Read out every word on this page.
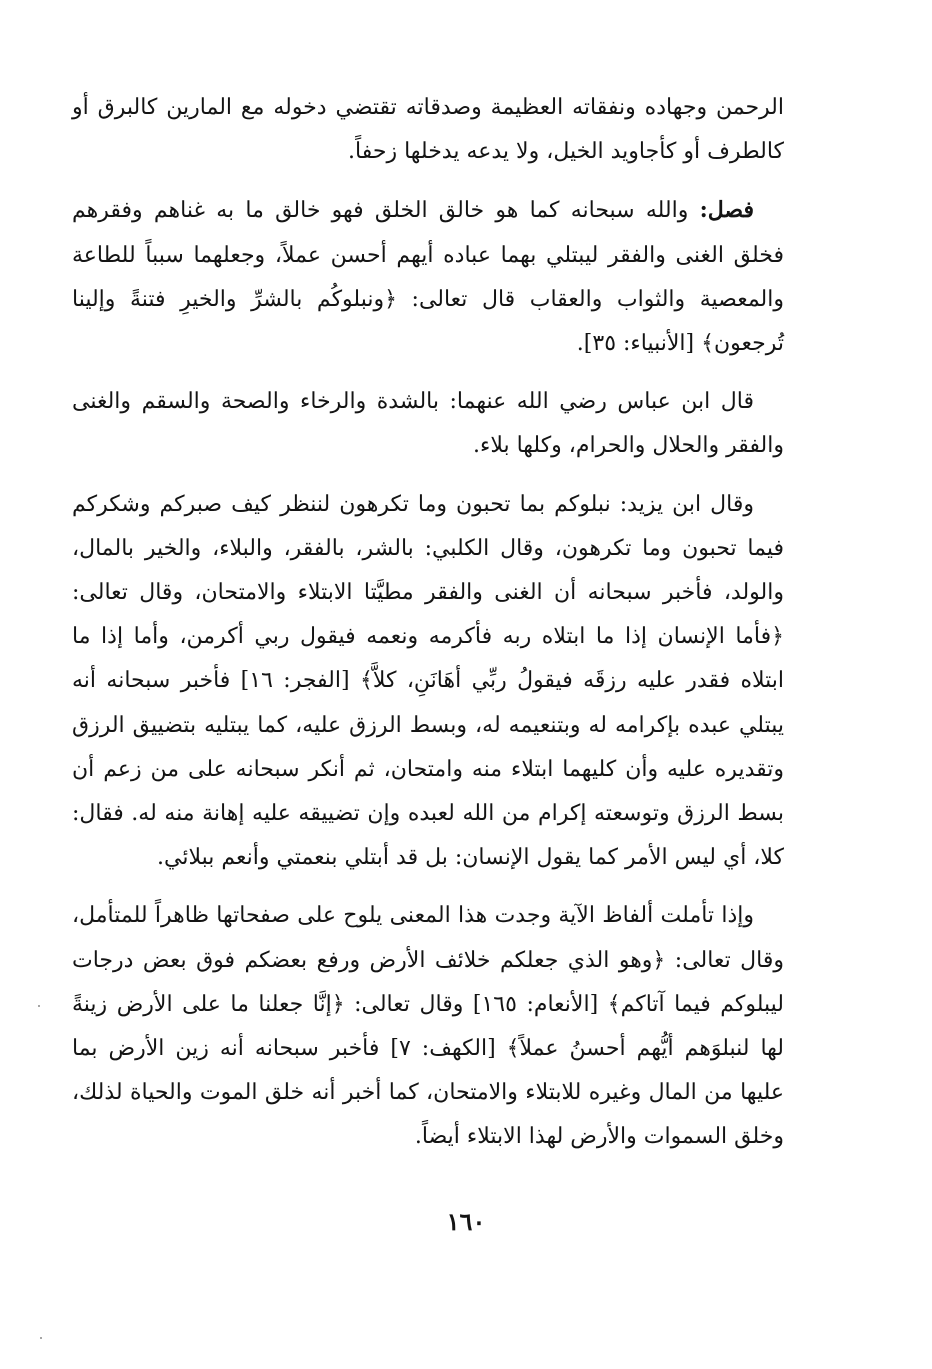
الرحمن وجهاده ونفقاته العظيمة وصدقاته تقتضي دخوله مع المارين كالبرق أو كالطرف أو كأجاويد الخيل، ولا يدعه يدخلها زحفاً.

فصل: والله سبحانه كما هو خالق الخلق فهو خالق ما به غناهم وفقرهم فخلق الغنى والفقر ليبتلي بهما عباده أيهم أحسن عملاً، وجعلهما سبباً للطاعة والمعصية والثواب والعقاب قال تعالى: ﴿ونبلوكُم بالشرِّ والخيرِ فتنةً وإلينا تُرجعون﴾ [الأنبياء: ٣٥].

قال ابن عباس رضي الله عنهما: بالشدة والرخاء والصحة والسقم والغنى والفقر والحلال والحرام، وكلها بلاء.

وقال ابن يزيد: نبلوكم بما تحبون وما تكرهون لننظر كيف صبركم وشكركم فيما تحبون وما تكرهون، وقال الكلبي: بالشر، بالفقر، والبلاء، والخير بالمال، والولد، فأخبر سبحانه أن الغنى والفقر مطيَّتا الابتلاء والامتحان، وقال تعالى: ﴿فأما الإنسان إذا ما ابتلاه ربه فأكرمه ونعمه فيقول ربي أكرمن، وأما إذا ما ابتلاه فقدر عليه رزقَه فيقولُ ربِّي أهَانَنِ، كلاَّ﴾ [الفجر: ١٦] فأخبر سبحانه أنه يبتلي عبده بإكرامه له وبتنعيمه له، وبسط الرزق عليه، كما يبتليه بتضييق الرزق وتقديره عليه وأن كليهما ابتلاء منه وامتحان، ثم أنكر سبحانه على من زعم أن بسط الرزق وتوسعته إكرام من الله لعبده وإن تضييقه عليه إهانة منه له. فقال: كلا، أي ليس الأمر كما يقول الإنسان: بل قد أبتلي بنعمتي وأنعم ببلائي.

وإذا تأملت ألفاظ الآية وجدت هذا المعنى يلوح على صفحاتها ظاهراً للمتأمل، وقال تعالى: ﴿وهو الذي جعلكم خلائف الأرض ورفع بعضكم فوق بعض درجات ليبلوكم فيما آتاكم﴾ [الأنعام: ١٦٥] وقال تعالى: ﴿إنَّا جعلنا ما على الأرض زينةً لها لنبلوَهم أيُّهم أحسنُ عملاً﴾ [الكهف: ٧] فأخبر سبحانه أنه زين الأرض بما عليها من المال وغيره للابتلاء والامتحان، كما أخبر أنه خلق الموت والحياة لذلك، وخلق السموات والأرض لهذا الابتلاء أيضاً.

١٦٠
